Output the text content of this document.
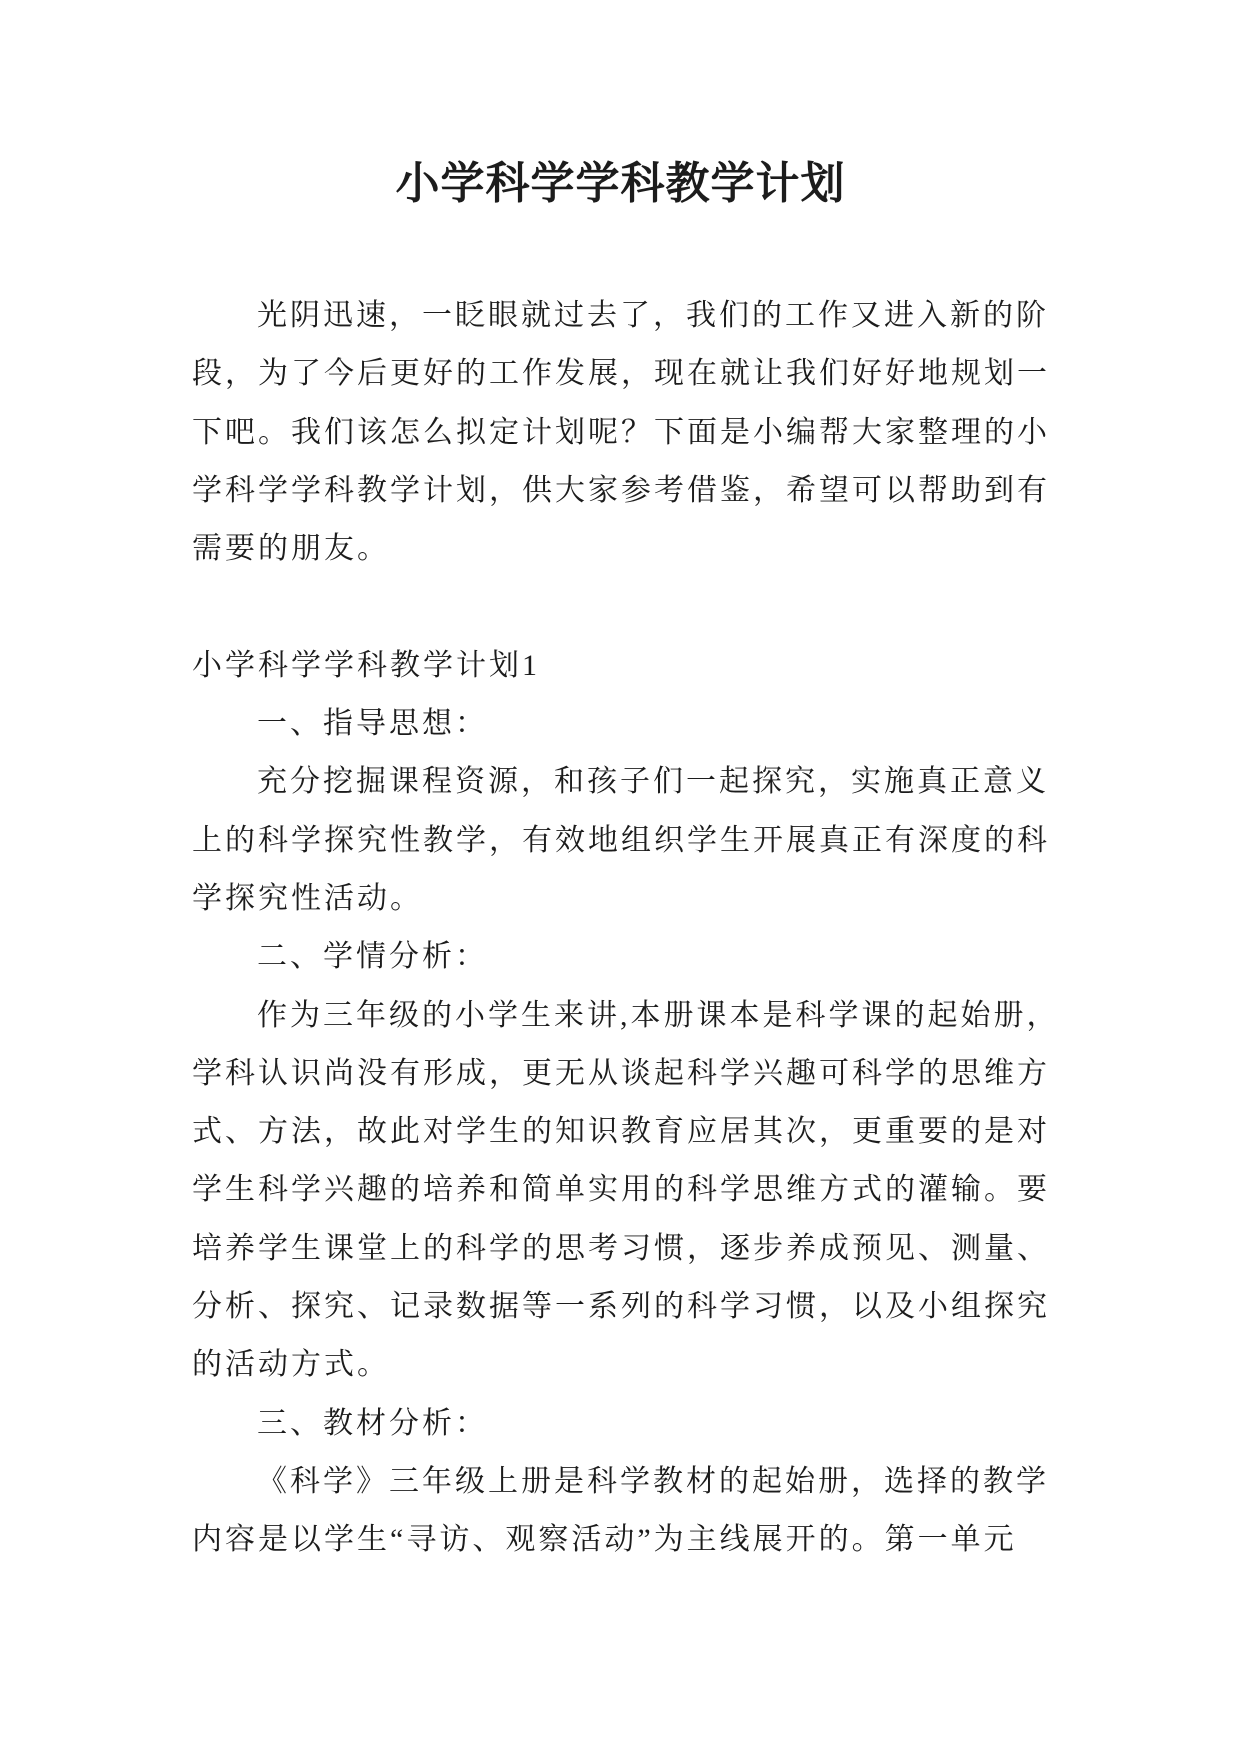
小学科学学科教学计划
光阴迅速，一眨眼就过去了，我们的工作又进入新的阶
段，为了今后更好的工作发展，现在就让我们好好地规划一
下吧。我们该怎么拟定计划呢？下面是小编帮大家整理的小
学科学学科教学计划，供大家参考借鉴，希望可以帮助到有
需要的朋友。
小学科学学科教学计划1
一、指导思想：
充分挖掘课程资源，和孩子们一起探究，实施真正意义
上的科学探究性教学，有效地组织学生开展真正有深度的科
学探究性活动。
二、学情分析：
作为三年级的小学生来讲,本册课本是科学课的起始册，
学科认识尚没有形成，更无从谈起科学兴趣可科学的思维方
式、方法，故此对学生的知识教育应居其次，更重要的是对
学生科学兴趣的培养和简单实用的科学思维方式的灌输。要
培养学生课堂上的科学的思考习惯，逐步养成预见、测量、
分析、探究、记录数据等一系列的科学习惯，以及小组探究
的活动方式。
三、教材分析：
《科学》三年级上册是科学教材的起始册，选择的教学
内容是以学生“寻访、观察活动”为主线展开的。第一单元
